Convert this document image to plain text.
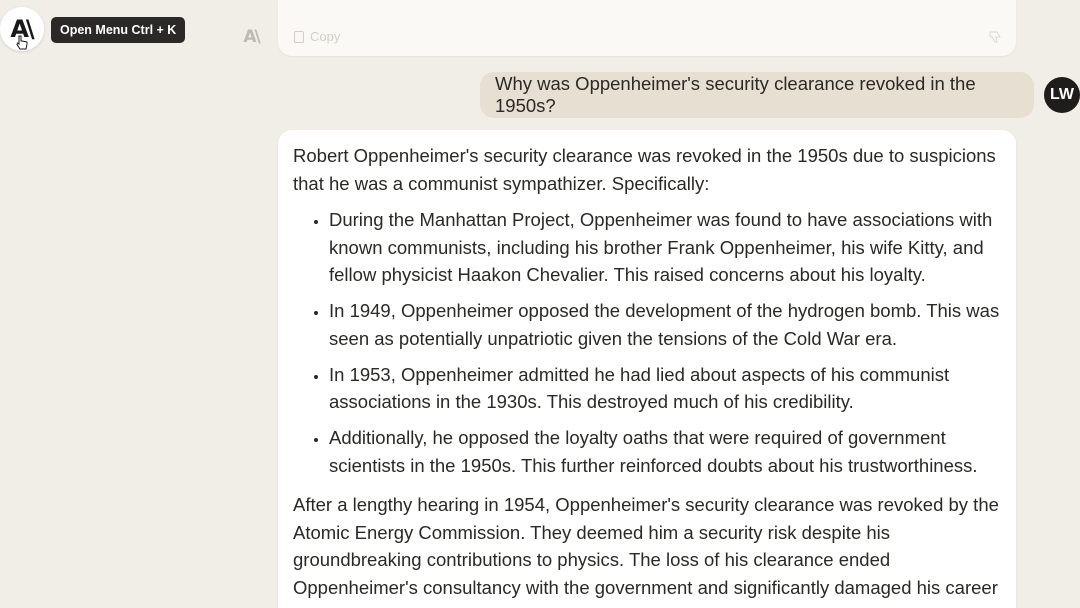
A\	Open Menu Ctrl + K	A\	Copy
Why was Oppenheimer's security clearance revoked in the 1950s?
LW

Robert Oppenheimer's security clearance was revoked in the 1950s due to suspicions that he was a communist sympathizer. Specifically:

• During the Manhattan Project, Oppenheimer was found to have associations with known communists, including his brother Frank Oppenheimer, his wife Kitty, and fellow physicist Haakon Chevalier. This raised concerns about his loyalty.
• In 1949, Oppenheimer opposed the development of the hydrogen bomb. This was seen as potentially unpatriotic given the tensions of the Cold War era.
• In 1953, Oppenheimer admitted he had lied about aspects of his communist associations in the 1930s. This destroyed much of his credibility.
• Additionally, he opposed the loyalty oaths that were required of government scientists in the 1950s. This further reinforced doubts about his trustworthiness.

After a lengthy hearing in 1954, Oppenheimer's security clearance was revoked by the Atomic Energy Commission. They deemed him a security risk despite his groundbreaking contributions to physics. The loss of his clearance ended Oppenheimer's consultancy with the government and significantly damaged his career
